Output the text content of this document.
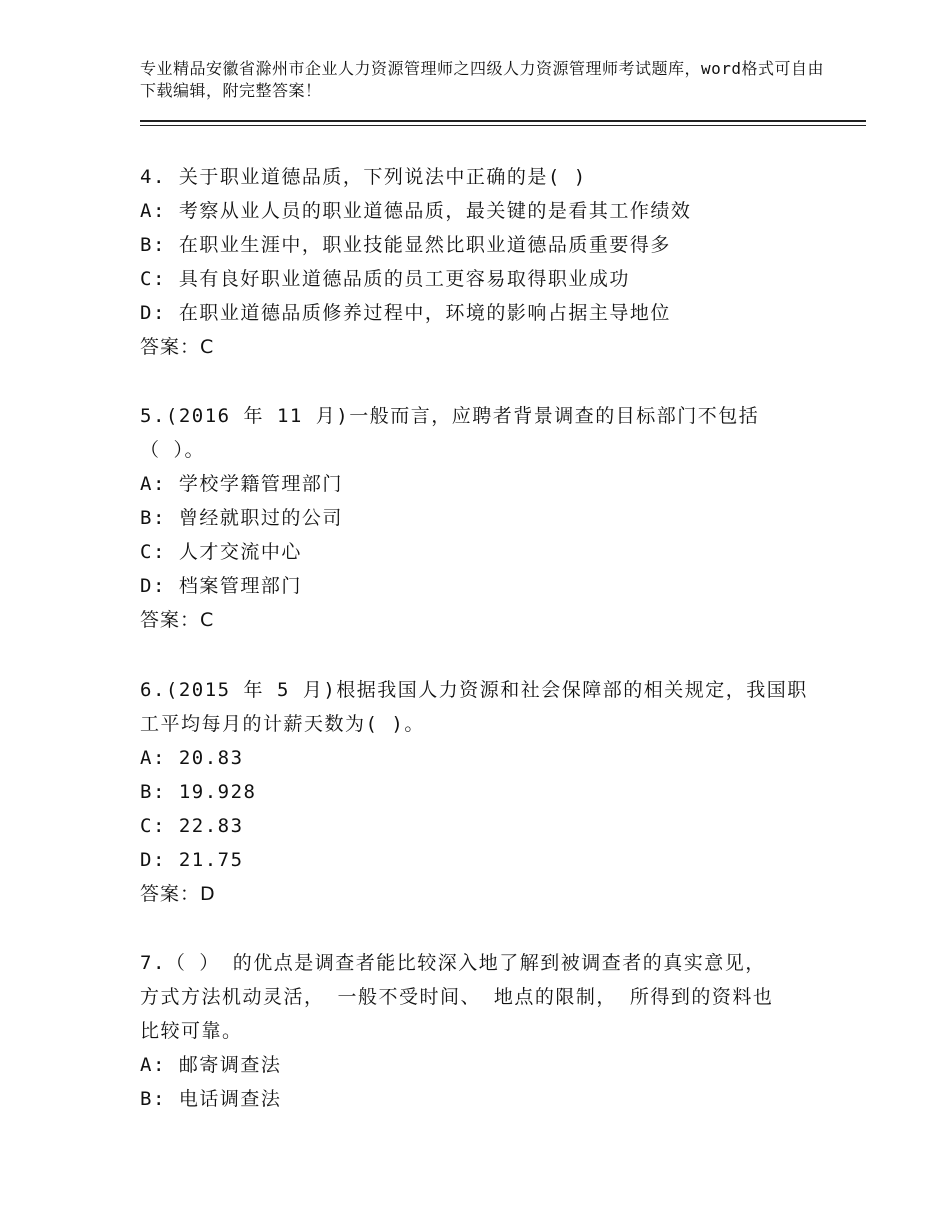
专业精品安徽省滁州市企业人力资源管理师之四级人力资源管理师考试题库，word格式可自由下载编辑，附完整答案！
4. 关于职业道德品质，下列说法中正确的是( )
A: 考察从业人员的职业道德品质，最关键的是看其工作绩效
B: 在职业生涯中，职业技能显然比职业道德品质重要得多
C: 具有良好职业道德品质的员工更容易取得职业成功
D: 在职业道德品质修养过程中，环境的影响占据主导地位
答案：C
5.(2016 年 11 月)一般而言，应聘者背景调查的目标部门不包括
（ ）。
A: 学校学籍管理部门
B: 曾经就职过的公司
C: 人才交流中心
D: 档案管理部门
答案：C
6.(2015 年 5 月)根据我国人力资源和社会保障部的相关规定，我国职
工平均每月的计薪天数为( )。
A: 20.83
B: 19.928
C: 22.83
D: 21.75
答案：D
7.（ ） 的优点是调查者能比较深入地了解到被调查者的真实意见，
方式方法机动灵活， 一般不受时间、 地点的限制， 所得到的资料也
比较可靠。
A: 邮寄调查法
B: 电话调查法
